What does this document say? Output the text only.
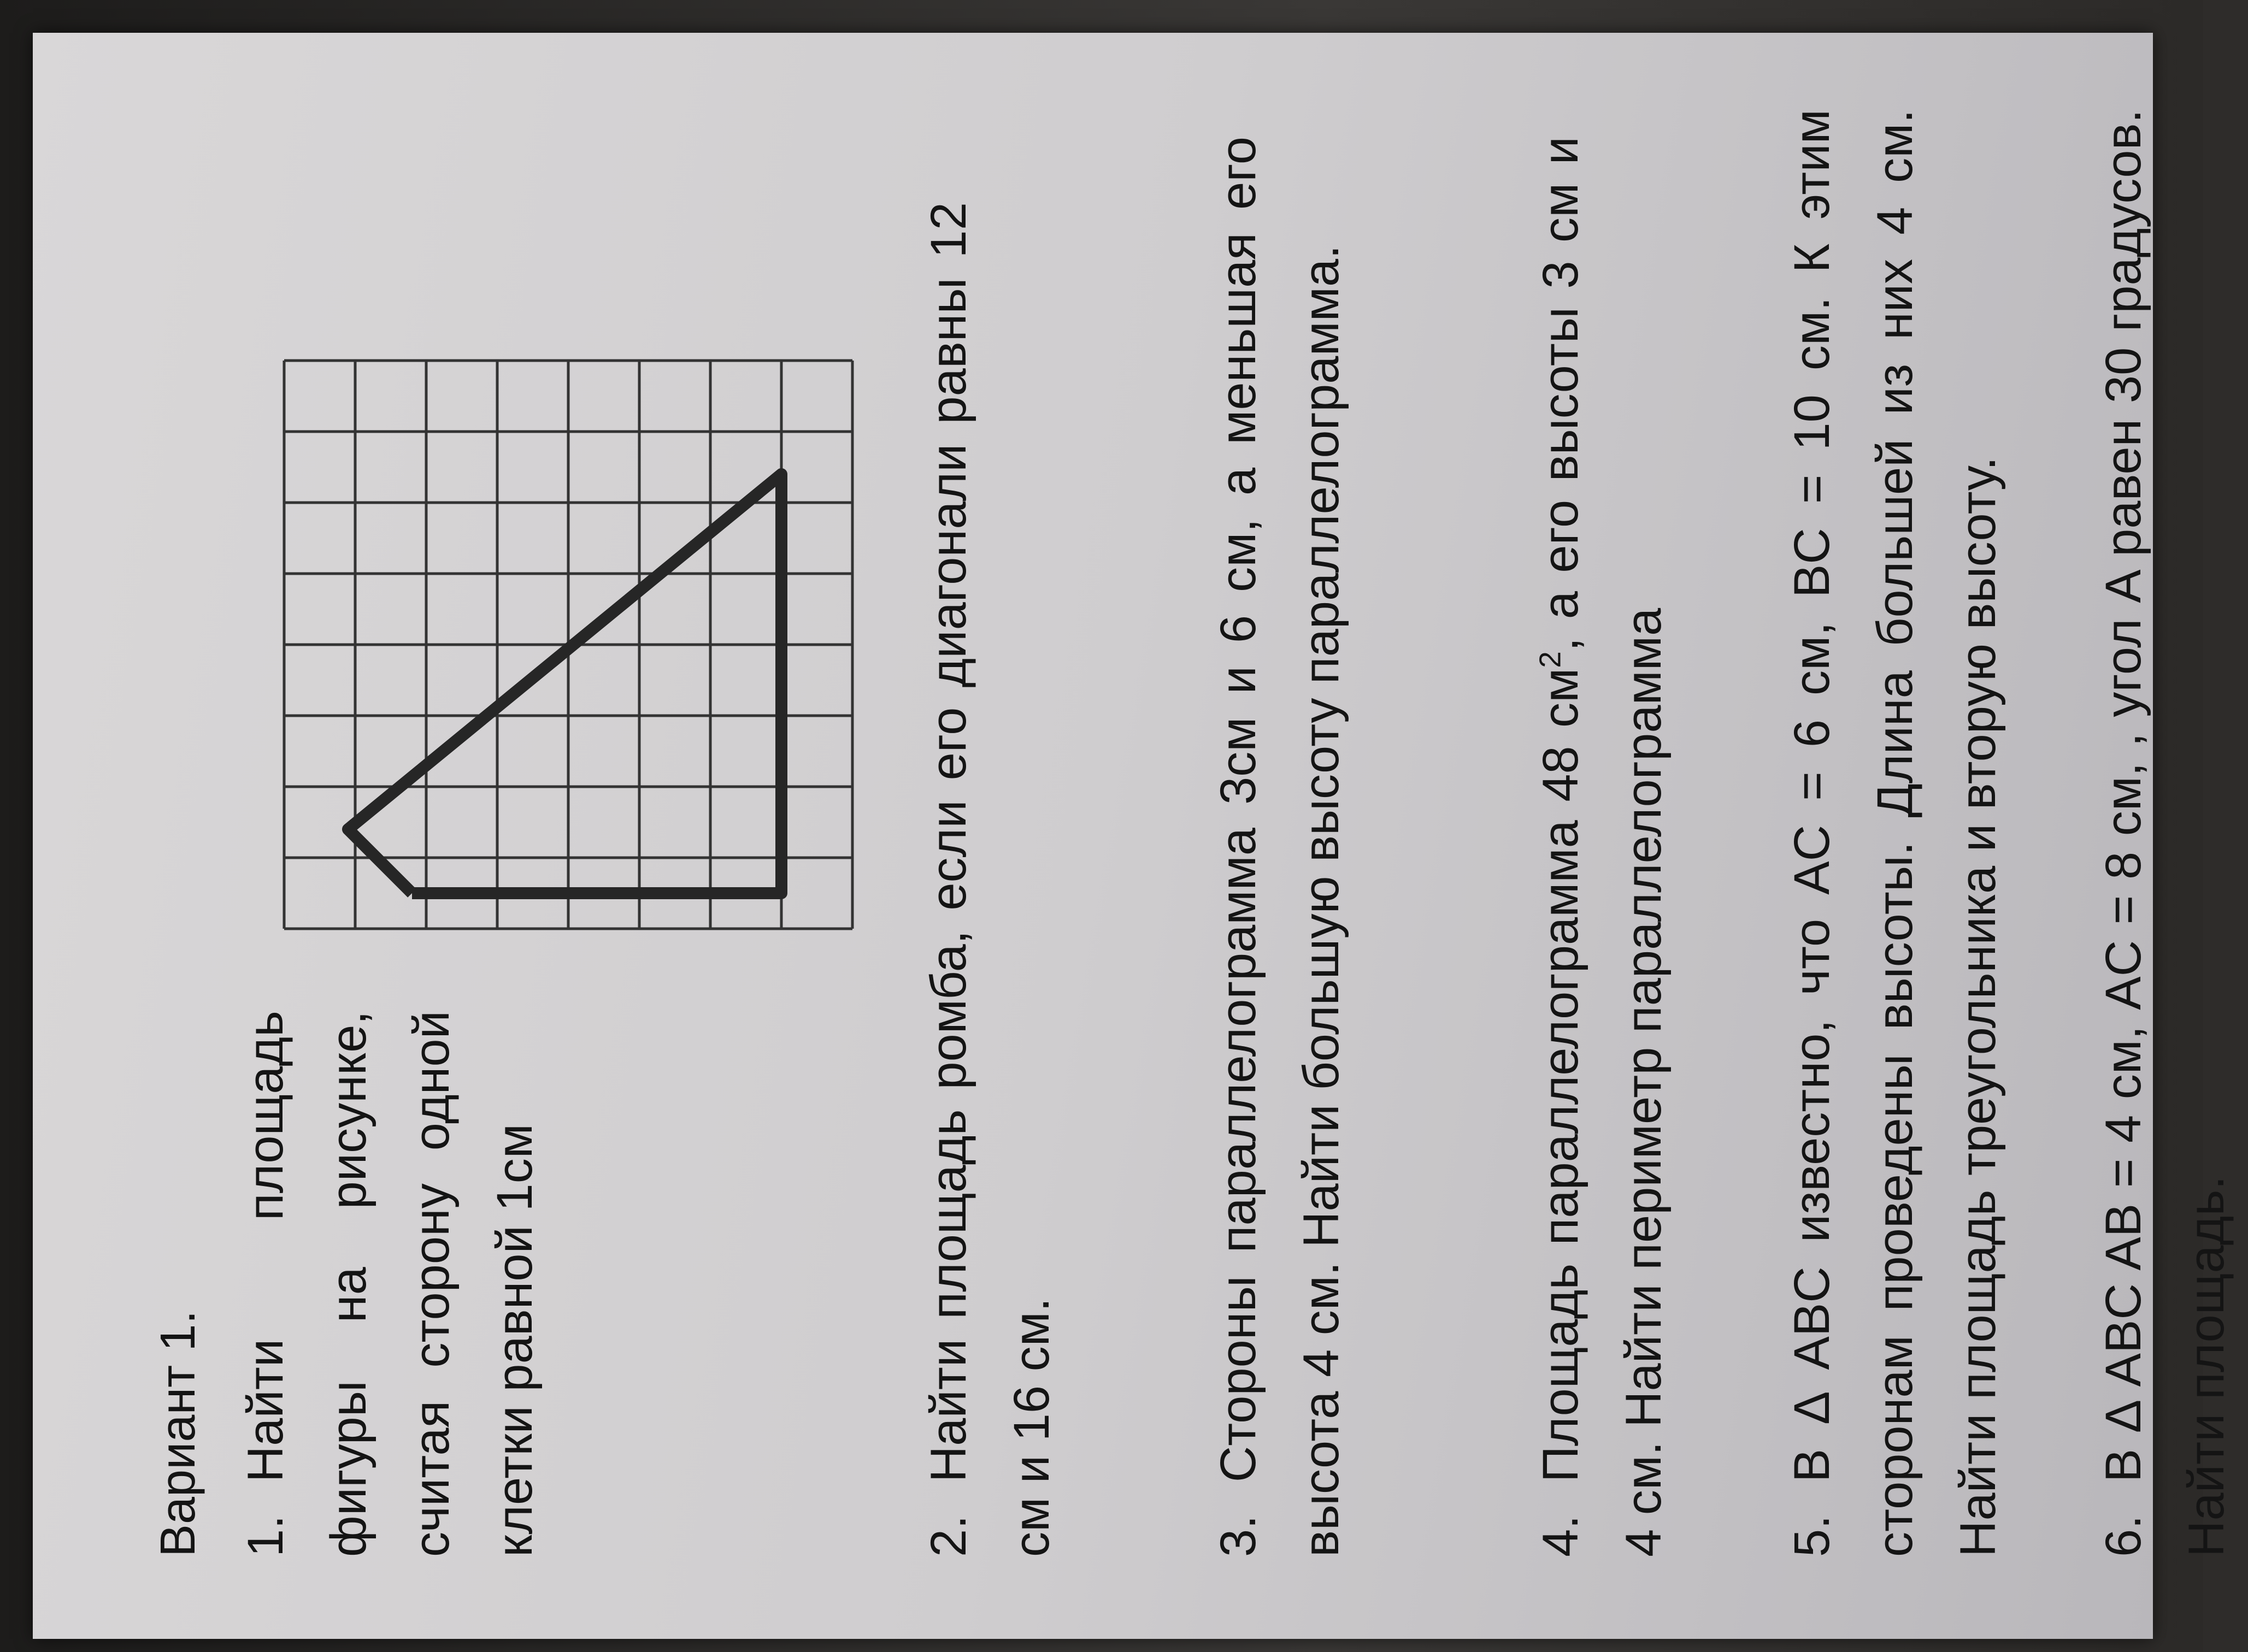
Вариант 1. 1.Найти площадь фигуры на рисунке, считая сторону одной клетки равной 1см	2.Найти площадь ромба, если его диагонали равны 12 см и 16 см.	3.Стороны параллелограмма 3см и 6 см, а меньшая его высота 4 см. Найти большую высоту параллелограмма.	4.Площадь параллелограмма 48 $см^2$, а его высоты 3 см и 4 см. Найти периметр параллелограмма 5.В Δ ABC известно, что AC = 6 см, BC = 10 см. К этим сторонам проведены высоты. Длина большей из них 4 см. Найти площадь треугольника и вторую высоту. 6.В Δ ABC AB = 4 см, AC = 8 см, , угол A равен 30 градусов. Найти площадь.
